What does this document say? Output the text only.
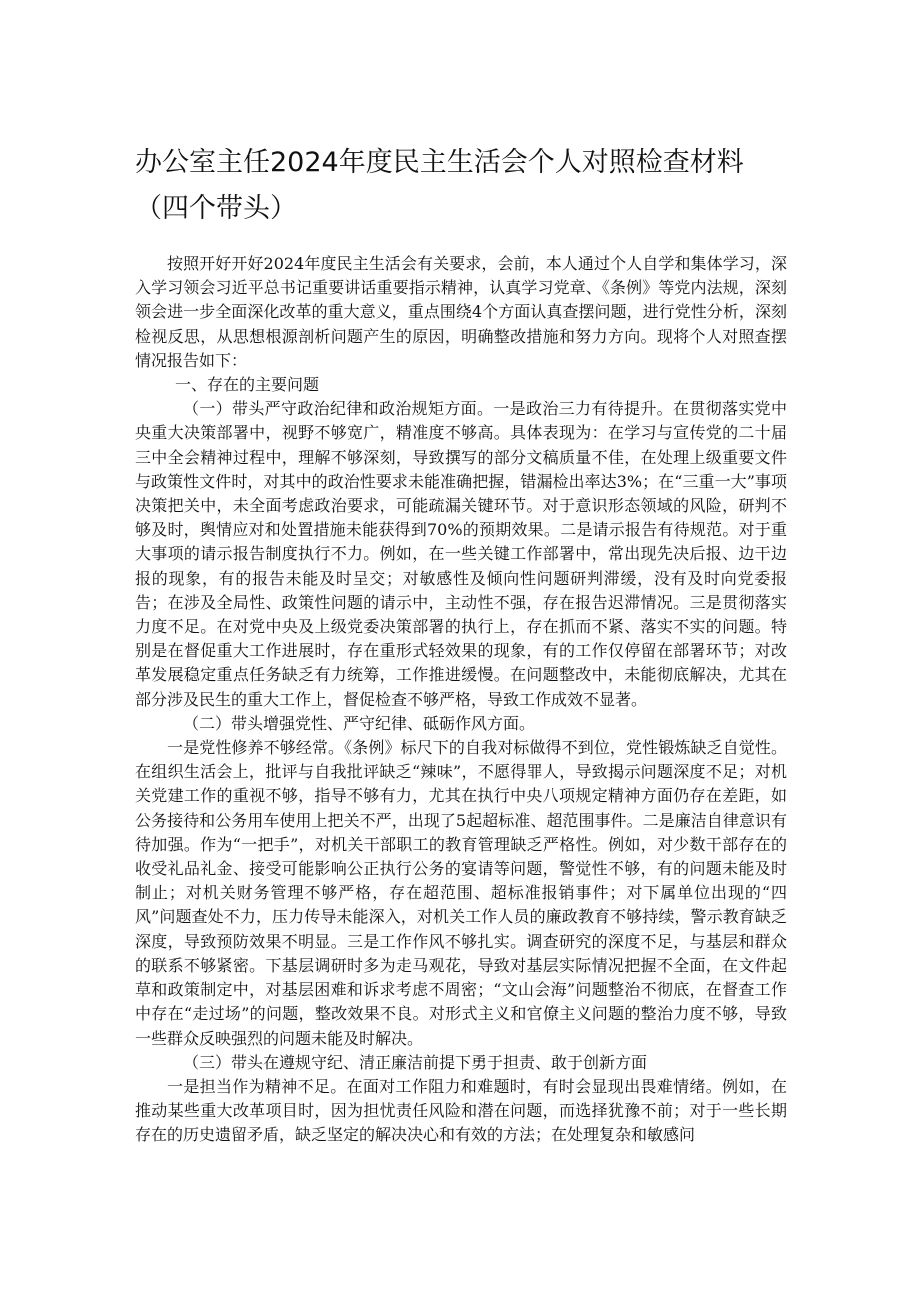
办公室主任2024年度民主生活会个人对照检查材料
（四个带头）

按照开好开好2024年度民主生活会有关要求，会前，本人通过个人自学和集体学习，深入学习领会习近平总书记重要讲话重要指示精神，认真学习党章、《条例》等党内法规，深刻领会进一步全面深化改革的重大意义，重点围绕4个方面认真查摆问题，进行党性分析，深刻检视反思，从思想根源剖析问题产生的原因，明确整改措施和努力方向。现将个人对照查摆情况报告如下：

一、存在的主要问题

（一）带头严守政治纪律和政治规矩方面。一是政治三力有待提升。在贯彻落实党中央重大决策部署中，视野不够宽广，精准度不够高。具体表现为：在学习与宣传党的二十届三中全会精神过程中，理解不够深刻，导致撰写的部分文稿质量不佳，在处理上级重要文件与政策性文件时，对其中的政治性要求未能准确把握，错漏检出率达3%；在“三重一大”事项决策把关中，未全面考虑政治要求，可能疏漏关键环节。对于意识形态领域的风险，研判不够及时，舆情应对和处置措施未能获得到70%的预期效果。二是请示报告有待规范。对于重大事项的请示报告制度执行不力。例如，在一些关键工作部署中，常出现先决后报、边干边报的现象，有的报告未能及时呈交；对敏感性及倾向性问题研判滞缓，没有及时向党委报告；在涉及全局性、政策性问题的请示中，主动性不强，存在报告迟滞情况。三是贯彻落实力度不足。在对党中央及上级党委决策部署的执行上，存在抓而不紧、落实不实的问题。特别是在督促重大工作进展时，存在重形式轻效果的现象，有的工作仅停留在部署环节；对改革发展稳定重点任务缺乏有力统筹，工作推进缓慢。在问题整改中，未能彻底解决，尤其在部分涉及民生的重大工作上，督促检查不够严格，导致工作成效不显著。

（二）带头增强党性、严守纪律、砥砺作风方面。

一是党性修养不够经常。《条例》标尺下的自我对标做得不到位，党性锻炼缺乏自觉性。在组织生活会上，批评与自我批评缺乏“辣味”，不愿得罪人，导致揭示问题深度不足；对机关党建工作的重视不够，指导不够有力，尤其在执行中央八项规定精神方面仍存在差距，如公务接待和公务用车使用上把关不严，出现了5起超标准、超范围事件。二是廉洁自律意识有待加强。作为“一把手”，对机关干部职工的教育管理缺乏严格性。例如，对少数干部存在的收受礼品礼金、接受可能影响公正执行公务的宴请等问题，警觉性不够，有的问题未能及时制止；对机关财务管理不够严格，存在超范围、超标准报销事件；对下属单位出现的“四风”问题查处不力，压力传导未能深入，对机关工作人员的廉政教育不够持续，警示教育缺乏深度，导致预防效果不明显。三是工作作风不够扎实。调查研究的深度不足，与基层和群众的联系不够紧密。下基层调研时多为走马观花，导致对基层实际情况把握不全面，在文件起草和政策制定中，对基层困难和诉求考虑不周密；“文山会海”问题整治不彻底，在督查工作中存在“走过场”的问题，整改效果不良。对形式主义和官僚主义问题的整治力度不够，导致一些群众反映强烈的问题未能及时解决。

（三）带头在遵规守纪、清正廉洁前提下勇于担责、敢于创新方面

一是担当作为精神不足。在面对工作阻力和难题时，有时会显现出畏难情绪。例如，在推动某些重大改革项目时，因为担忧责任风险和潜在问题，而选择犹豫不前；对于一些长期存在的历史遗留矛盾，缺乏坚定的解决决心和有效的方法；在处理复杂和敏感问
